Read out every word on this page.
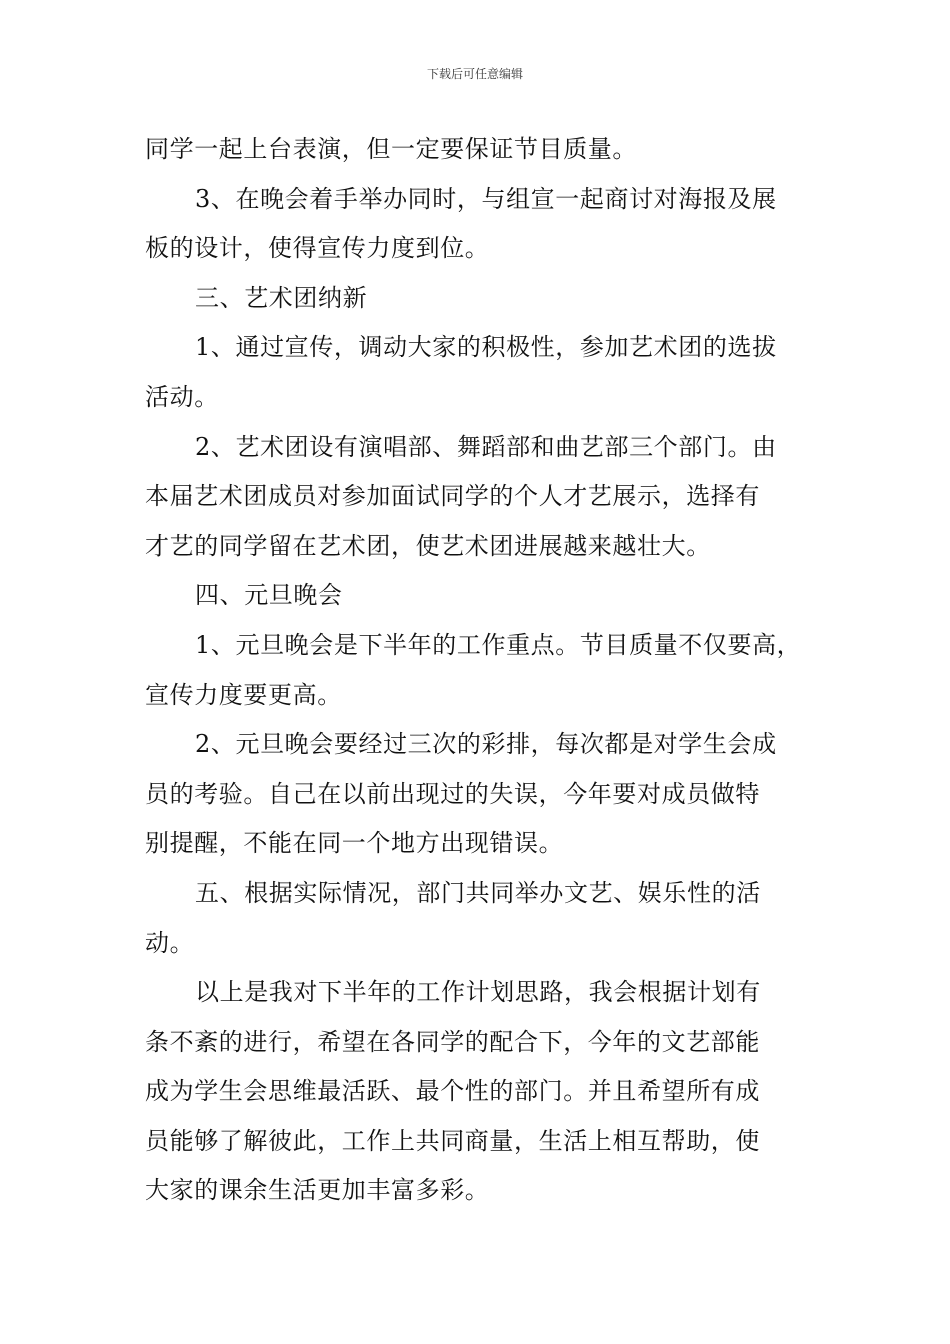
下载后可任意编辑
同学一起上台表演，但一定要保证节目质量。
3、在晚会着手举办同时，与组宣一起商讨对海报及展
板的设计，使得宣传力度到位。
三、艺术团纳新
1、通过宣传，调动大家的积极性，参加艺术团的选拔
活动。
2、艺术团设有演唱部、舞蹈部和曲艺部三个部门。由
本届艺术团成员对参加面试同学的个人才艺展示，选择有
才艺的同学留在艺术团，使艺术团进展越来越壮大。
四、元旦晚会
1、元旦晚会是下半年的工作重点。节目质量不仅要高，
宣传力度要更高。
2、元旦晚会要经过三次的彩排，每次都是对学生会成
员的考验。自己在以前出现过的失误，今年要对成员做特
别提醒，不能在同一个地方出现错误。
五、根据实际情况，部门共同举办文艺、娱乐性的活
动。
以上是我对下半年的工作计划思路，我会根据计划有
条不紊的进行，希望在各同学的配合下，今年的文艺部能
成为学生会思维最活跃、最个性的部门。并且希望所有成
员能够了解彼此，工作上共同商量，生活上相互帮助，使
大家的课余生活更加丰富多彩。
